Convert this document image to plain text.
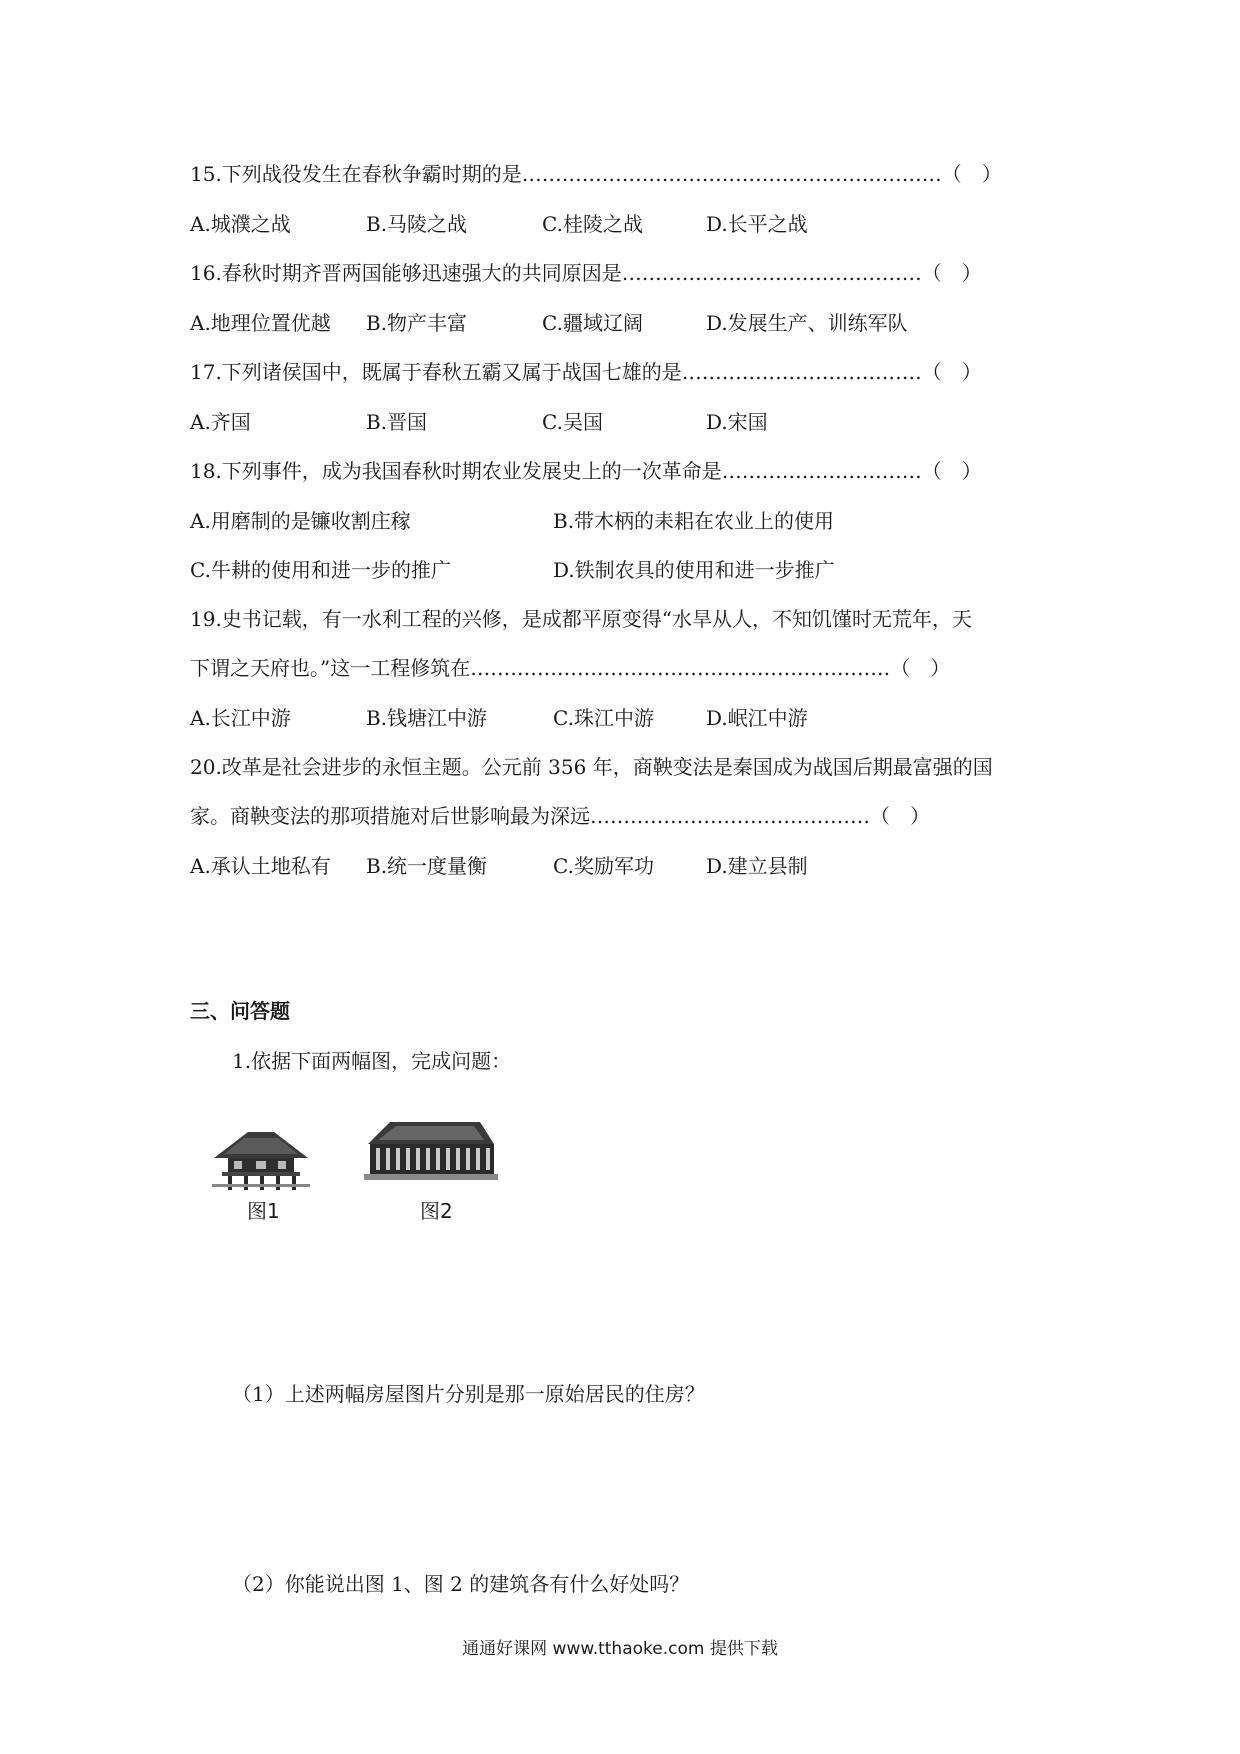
15.下列战役发生在春秋争霸时期的是………………………………………………………（　）
A.城濮之战	B.马陵之战	C.桂陵之战	D.长平之战
16.春秋时期齐晋两国能够迅速强大的共同原因是………………………………………（　）
A.地理位置优越 B.物产丰富	C.疆域辽阔	D.发展生产、训练军队
17.下列诸侯国中，既属于春秋五霸又属于战国七雄的是………………………………（　）
A.齐国	B.晋国	C.吴国	D.宋国
18.下列事件，成为我国春秋时期农业发展史上的一次革命是…………………………（　）
A.用磨制的是镰收割庄稼	B.带木柄的耒耜在农业上的使用
C.牛耕的使用和进一步的推广	D.铁制农具的使用和进一步推广
19.史书记载，有一水利工程的兴修，是成都平原变得“水旱从人，不知饥馑时无荒年，天
下谓之天府也。”这一工程修筑在………………………………………………………（　）
A.长江中游	B.钱塘江中游	C.珠江中游	D.岷江中游
20.改革是社会进步的永恒主题。公元前 356 年，商鞅变法是秦国成为战国后期最富强的国
家。商鞅变法的那项措施对后世影响最为深远……………………………………（　）
A.承认土地私有 B.统一度量衡	C.奖励军功	D.建立县制
三、问答题
1.依据下面两幅图，完成问题：
图1	图2
（1）上述两幅房屋图片分别是那一原始居民的住房？
（2）你能说出图 1、图 2 的建筑各有什么好处吗？
通通好课网 www.tthaoke.com 提供下载
